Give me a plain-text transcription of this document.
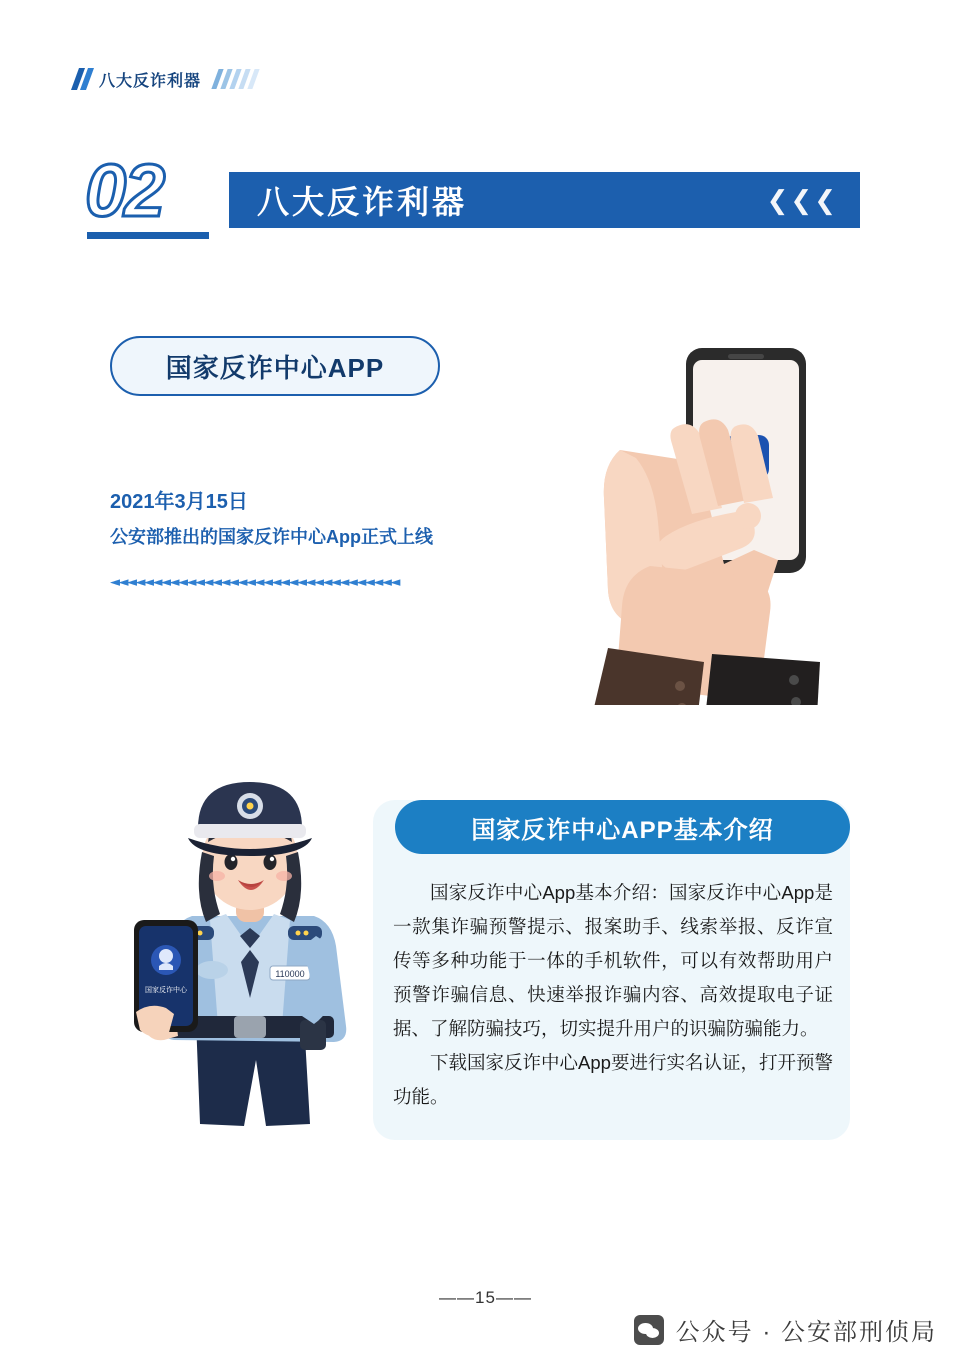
八大反诈利器
02	八大反诈利器	❮❮❮
国家反诈中心APP
2021年3月15日
公安部推出的国家反诈中心App正式上线
◄◄◄◄◄◄◄◄◄◄◄◄◄◄◄◄◄◄◄◄◄◄◄◄◄◄◄◄◄◄◄◄◄◄
110000
国家反诈中心
国家反诈中心APP基本介绍

国家反诈中心App基本介绍：国家反诈中心App是一款集诈骗预警提示、报案助手、线索举报、反诈宣传等多种功能于一体的手机软件，可以有效帮助用户预警诈骗信息、快速举报诈骗内容、高效提取电子证据、了解防骗技巧，切实提升用户的识骗防骗能力。

下载国家反诈中心App要进行实名认证，打开预警功能。

——15——
公众号 · 公安部刑侦局
